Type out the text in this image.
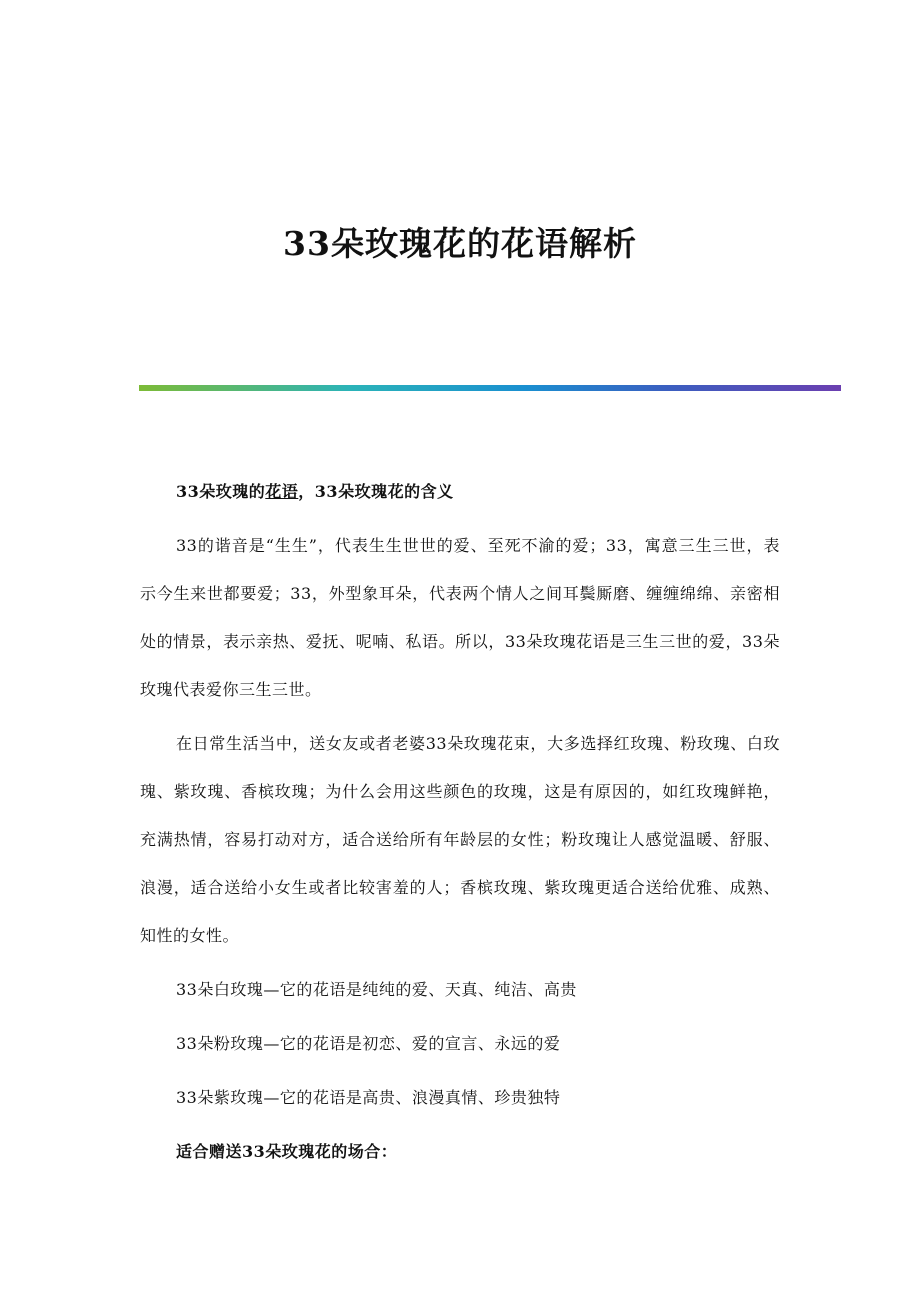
33朵玫瑰花的花语解析

33朵玫瑰的花语，33朵玫瑰花的含义

33的谐音是“生生”，代表生生世世的爱、至死不渝的爱；33，寓意三生三世，表示今生来世都要爱；33，外型象耳朵，代表两个情人之间耳鬓厮磨、缠缠绵绵、亲密相处的情景，表示亲热、爱抚、呢喃、私语。所以，33朵玫瑰花语是三生三世的爱，33朵玫瑰代表爱你三生三世。

在日常生活当中，送女友或者老婆33朵玫瑰花束，大多选择红玫瑰、粉玫瑰、白玫瑰、紫玫瑰、香槟玫瑰；为什么会用这些颜色的玫瑰，这是有原因的，如红玫瑰鲜艳，充满热情，容易打动对方，适合送给所有年龄层的女性；粉玫瑰让人感觉温暖、舒服、浪漫，适合送给小女生或者比较害羞的人；香槟玫瑰、紫玫瑰更适合送给优雅、成熟、知性的女性。

33朵白玫瑰—它的花语是纯纯的爱、天真、纯洁、高贵

33朵粉玫瑰—它的花语是初恋、爱的宣言、永远的爱

33朵紫玫瑰—它的花语是高贵、浪漫真情、珍贵独特

适合赠送33朵玫瑰花的场合：
